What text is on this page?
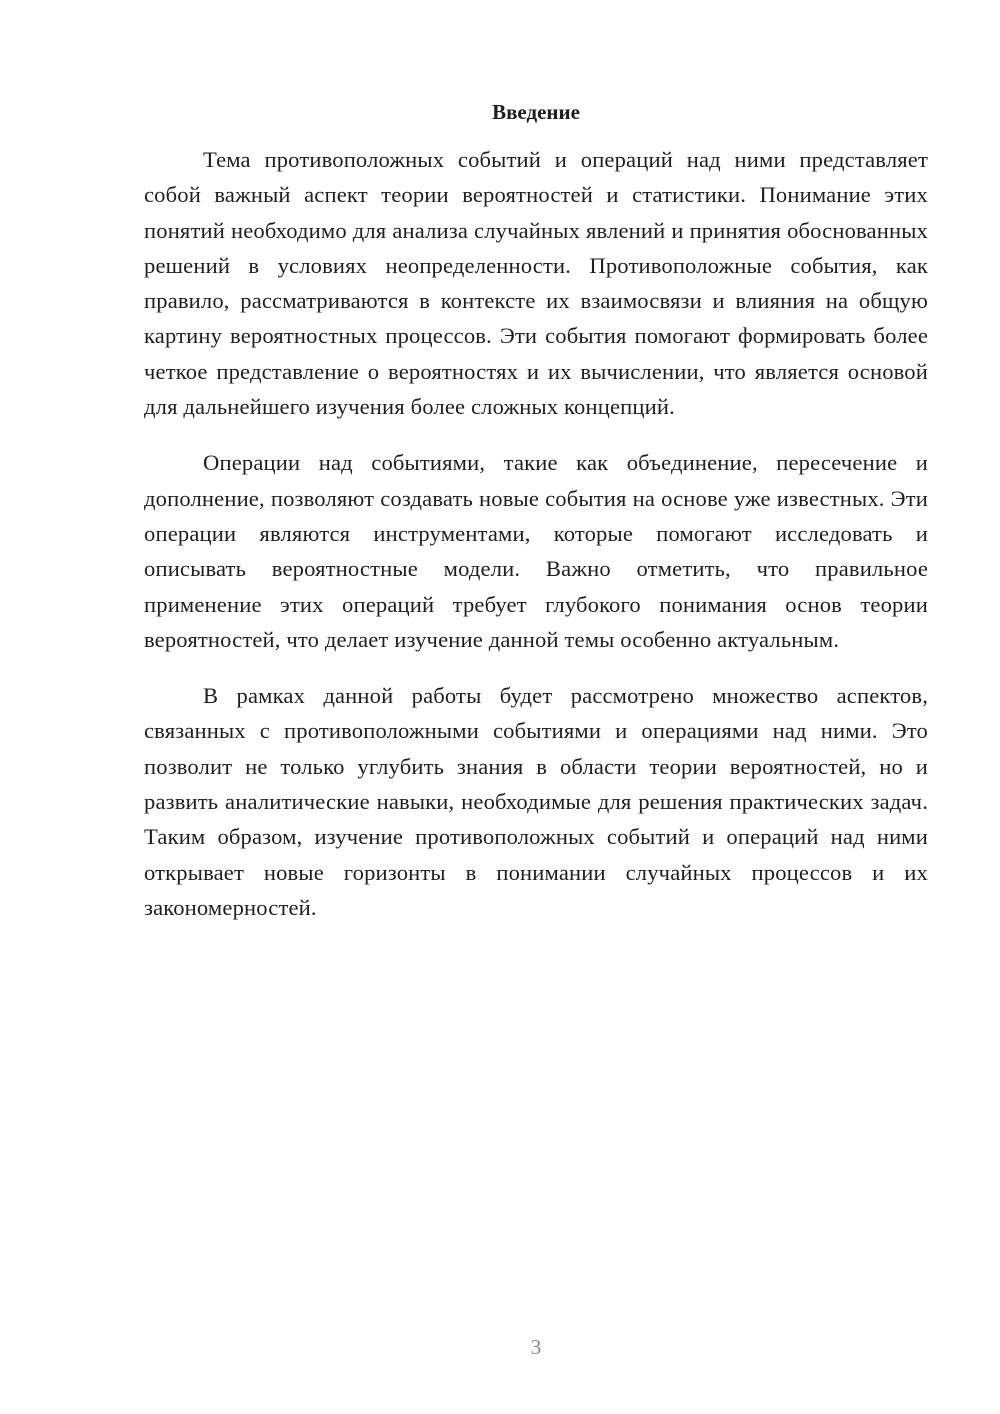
Введение

Тема противоположных событий и операций над ними представляет собой важный аспект теории вероятностей и статистики. Понимание этих понятий необходимо для анализа случайных явлений и принятия обоснованных решений в условиях неопределенности. Противоположные события, как правило, рассматриваются в контексте их взаимосвязи и влияния на общую картину вероятностных процессов. Эти события помогают формировать более четкое представление о вероятностях и их вычислении, что является основой для дальнейшего изучения более сложных концепций.

Операции над событиями, такие как объединение, пересечение и дополнение, позволяют создавать новые события на основе уже известных. Эти операции являются инструментами, которые помогают исследовать и описывать вероятностные модели. Важно отметить, что правильное применение этих операций требует глубокого понимания основ теории вероятностей, что делает изучение данной темы особенно актуальным.

В рамках данной работы будет рассмотрено множество аспектов, связанных с противоположными событиями и операциями над ними. Это позволит не только углубить знания в области теории вероятностей, но и развить аналитические навыки, необходимые для решения практических задач. Таким образом, изучение противоположных событий и операций над ними открывает новые горизонты в понимании случайных процессов и их закономерностей.

3
